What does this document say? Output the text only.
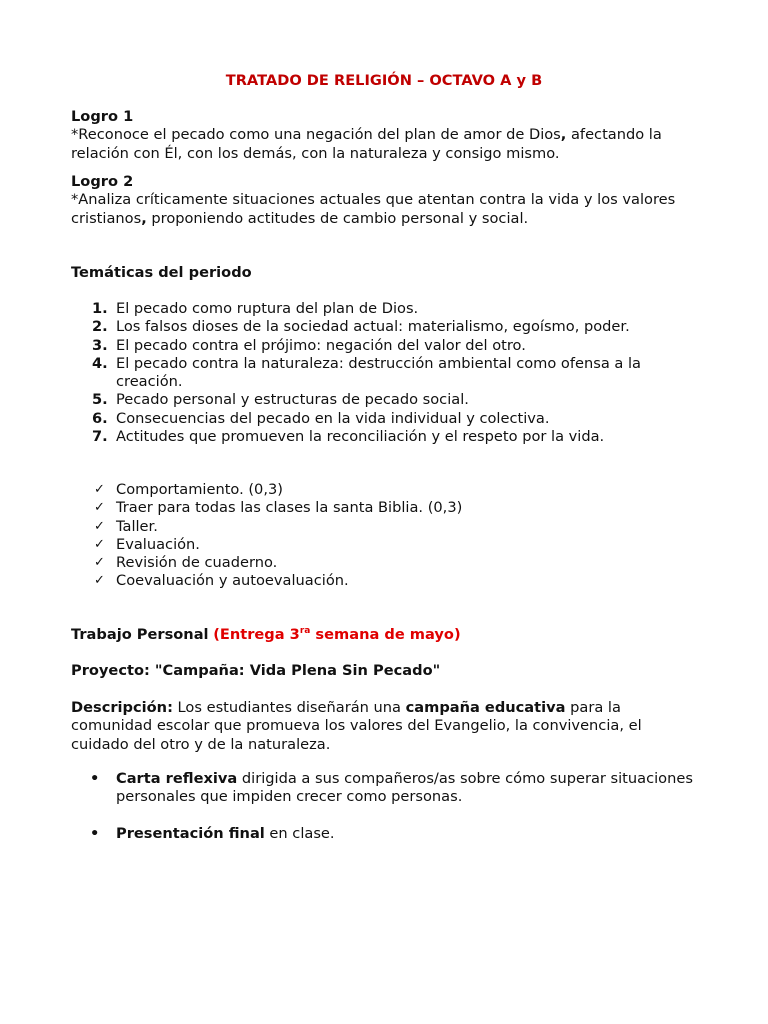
TRATADO DE RELIGIÓN – OCTAVO A y B
Logro 1
*Reconoce el pecado como una negación del plan de amor de Dios, afectando la relación con Él, con los demás, con la naturaleza y consigo mismo.
Logro 2
*Analiza críticamente situaciones actuales que atentan contra la vida y los valores cristianos, proponiendo actitudes de cambio personal y social.
Temáticas del periodo
1. El pecado como ruptura del plan de Dios.
2. Los falsos dioses de la sociedad actual: materialismo, egoísmo, poder.
3. El pecado contra el prójimo: negación del valor del otro.
4. El pecado contra la naturaleza: destrucción ambiental como ofensa a la creación.
5. Pecado personal y estructuras de pecado social.
6. Consecuencias del pecado en la vida individual y colectiva.
7. Actitudes que promueven la reconciliación y el respeto por la vida.
✓ Comportamiento. (0,3)
✓ Traer para todas las clases la santa Biblia. (0,3)
✓ Taller.
✓ Evaluación.
✓ Revisión de cuaderno.
✓ Coevaluación y autoevaluación.
Trabajo Personal (Entrega $3^{ra}$ semana de mayo)
Proyecto: "Campaña: Vida Plena Sin Pecado"
Descripción: Los estudiantes diseñarán una campaña educativa para la comunidad escolar que promueva los valores del Evangelio, la convivencia, el cuidado del otro y de la naturaleza.
• Carta reflexiva dirigida a sus compañeros/as sobre cómo superar situaciones personales que impiden crecer como personas.
• Presentación final en clase.
